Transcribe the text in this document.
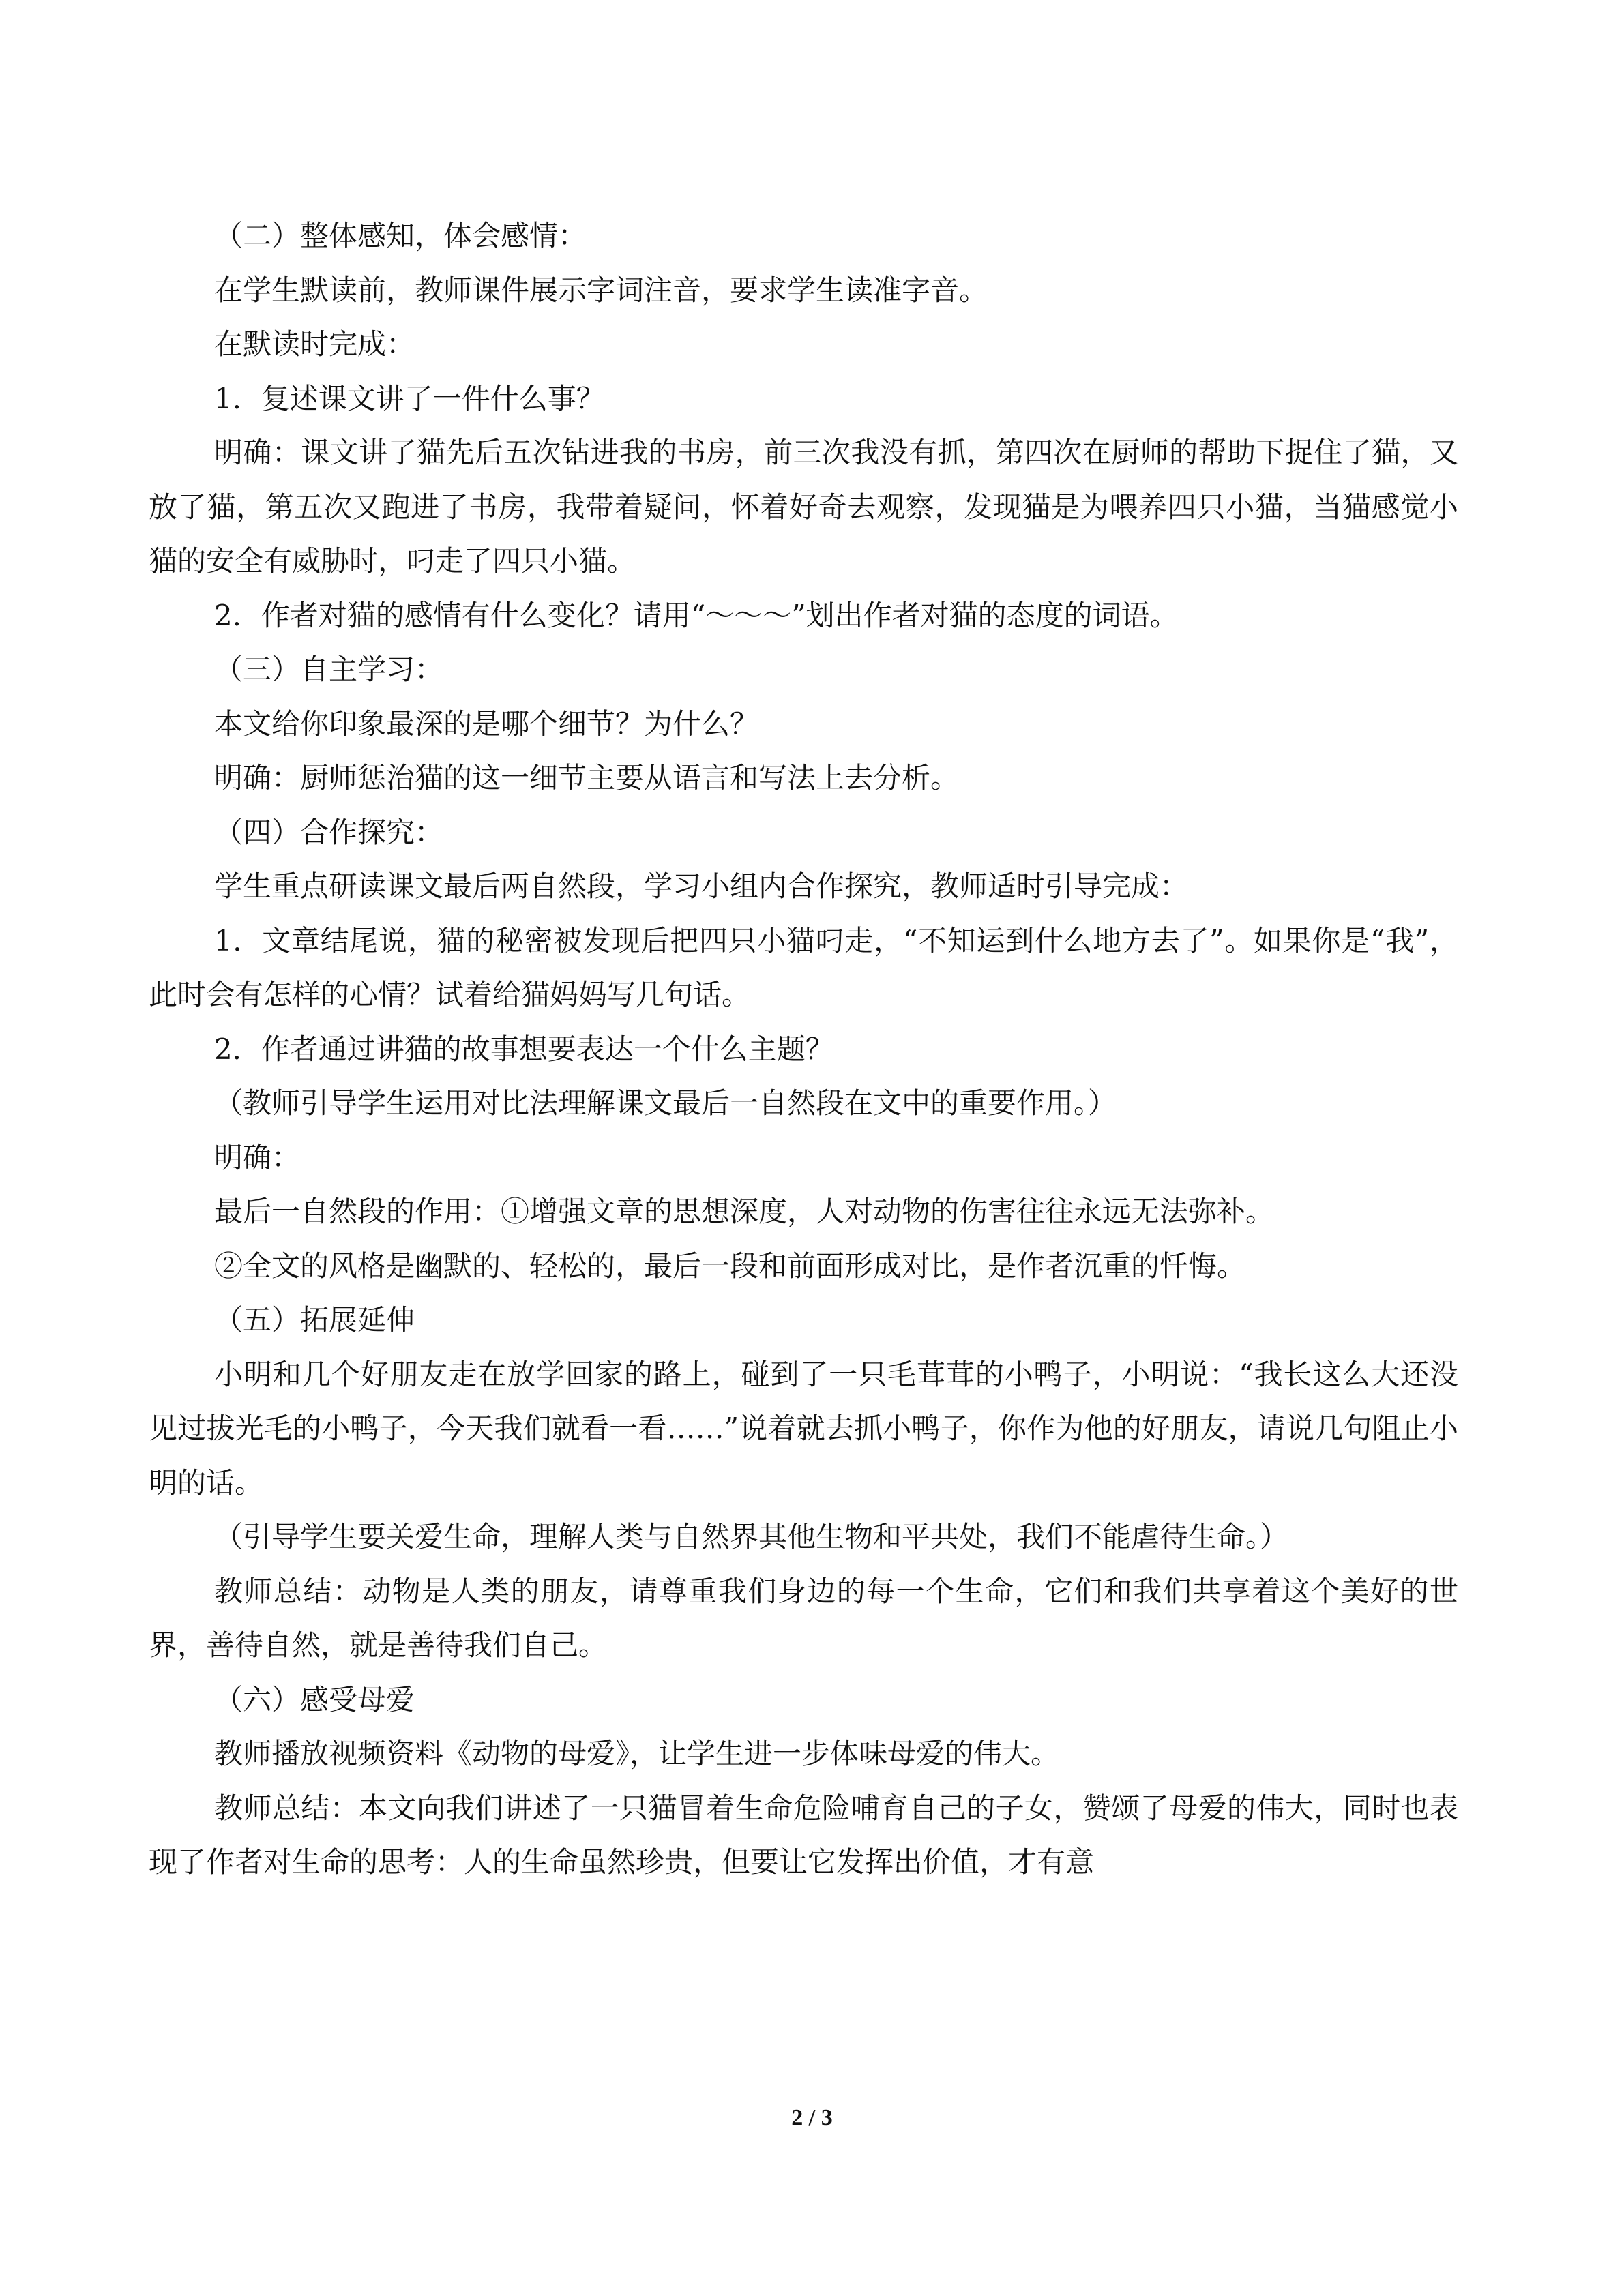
（二）整体感知，体会感情：

在学生默读前，教师课件展示字词注音，要求学生读准字音。

在默读时完成：

1．复述课文讲了一件什么事？

明确：课文讲了猫先后五次钻进我的书房，前三次我没有抓，第四次在厨师的帮助下捉住了猫，又放了猫，第五次又跑进了书房，我带着疑问，怀着好奇去观察，发现猫是为喂养四只小猫，当猫感觉小猫的安全有威胁时，叼走了四只小猫。

2．作者对猫的感情有什么变化？请用“～～～”划出作者对猫的态度的词语。

（三）自主学习：

本文给你印象最深的是哪个细节？为什么？

明确：厨师惩治猫的这一细节主要从语言和写法上去分析。

（四）合作探究：

学生重点研读课文最后两自然段，学习小组内合作探究，教师适时引导完成：

1．文章结尾说，猫的秘密被发现后把四只小猫叼走，“不知运到什么地方去了”。如果你是“我”，此时会有怎样的心情？试着给猫妈妈写几句话。

2．作者通过讲猫的故事想要表达一个什么主题？

（教师引导学生运用对比法理解课文最后一自然段在文中的重要作用。）

明确：

最后一自然段的作用：①增强文章的思想深度，人对动物的伤害往往永远无法弥补。

②全文的风格是幽默的、轻松的，最后一段和前面形成对比，是作者沉重的忏悔。

（五）拓展延伸

小明和几个好朋友走在放学回家的路上，碰到了一只毛茸茸的小鸭子，小明说：“我长这么大还没见过拔光毛的小鸭子，今天我们就看一看……”说着就去抓小鸭子，你作为他的好朋友，请说几句阻止小明的话。

（引导学生要关爱生命，理解人类与自然界其他生物和平共处，我们不能虐待生命。）

教师总结：动物是人类的朋友，请尊重我们身边的每一个生命，它们和我们共享着这个美好的世界，善待自然，就是善待我们自己。

（六）感受母爱

教师播放视频资料《动物的母爱》，让学生进一步体味母爱的伟大。

教师总结：本文向我们讲述了一只猫冒着生命危险哺育自己的子女，赞颂了母爱的伟大，同时也表现了作者对生命的思考：人的生命虽然珍贵，但要让它发挥出价值，才有意

2 / 3
